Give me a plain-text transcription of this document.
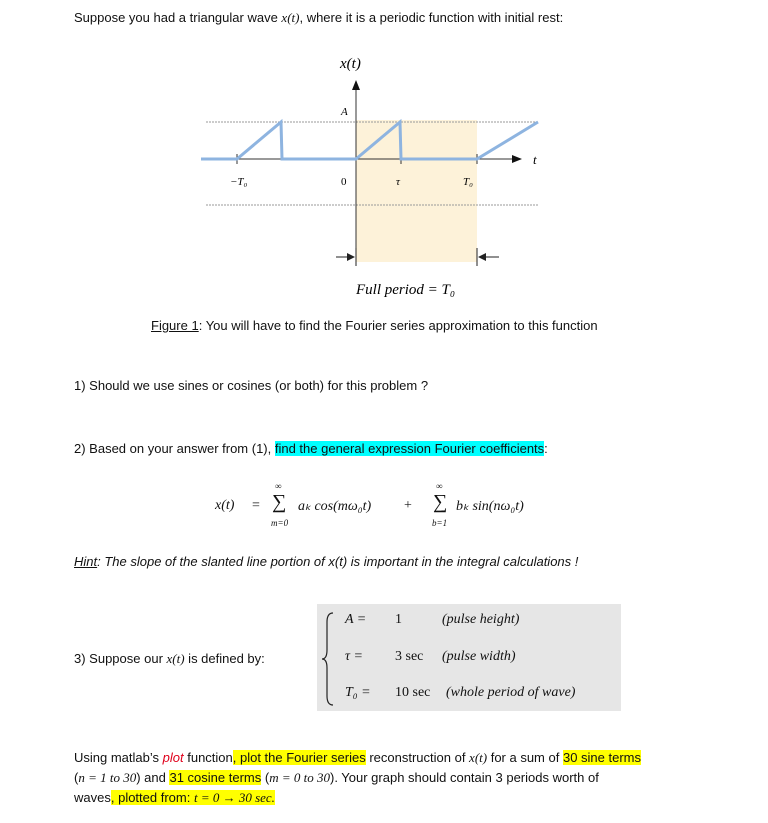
Suppose you had a triangular wave x(t), where it is a periodic function with initial rest:
x(t)
A
t
−T₀	0	τ	T₀
Full period = T₀
Figure 1: You will have to find the Fourier series approximation to this function
1) Should we use sines or cosines (or both) for this problem ?
2) Based on your answer from (1), find the general expression Fourier coefficients:
x(t) =
∞
∑
m=0
aₖ cos(mω₀t) +
∞
∑
b=1
bₖ sin(nω₀t)
Hint: The slope of the slanted line portion of x(t) is important in the integral calculations !
3) Suppose our x(t) is defined by:
A = 1	(pulse height)
τ = 3 sec (pulse width)
T₀ = 10 sec (whole period of wave)
Using matlab’s plot function, plot the Fourier series reconstruction of x(t) for a sum of 30 sine terms
(n = 1 to 30) and 31 cosine terms (m = 0 to 30). Your graph should contain 3 periods worth of
waves, plotted from: t = 0 → 30 sec.
